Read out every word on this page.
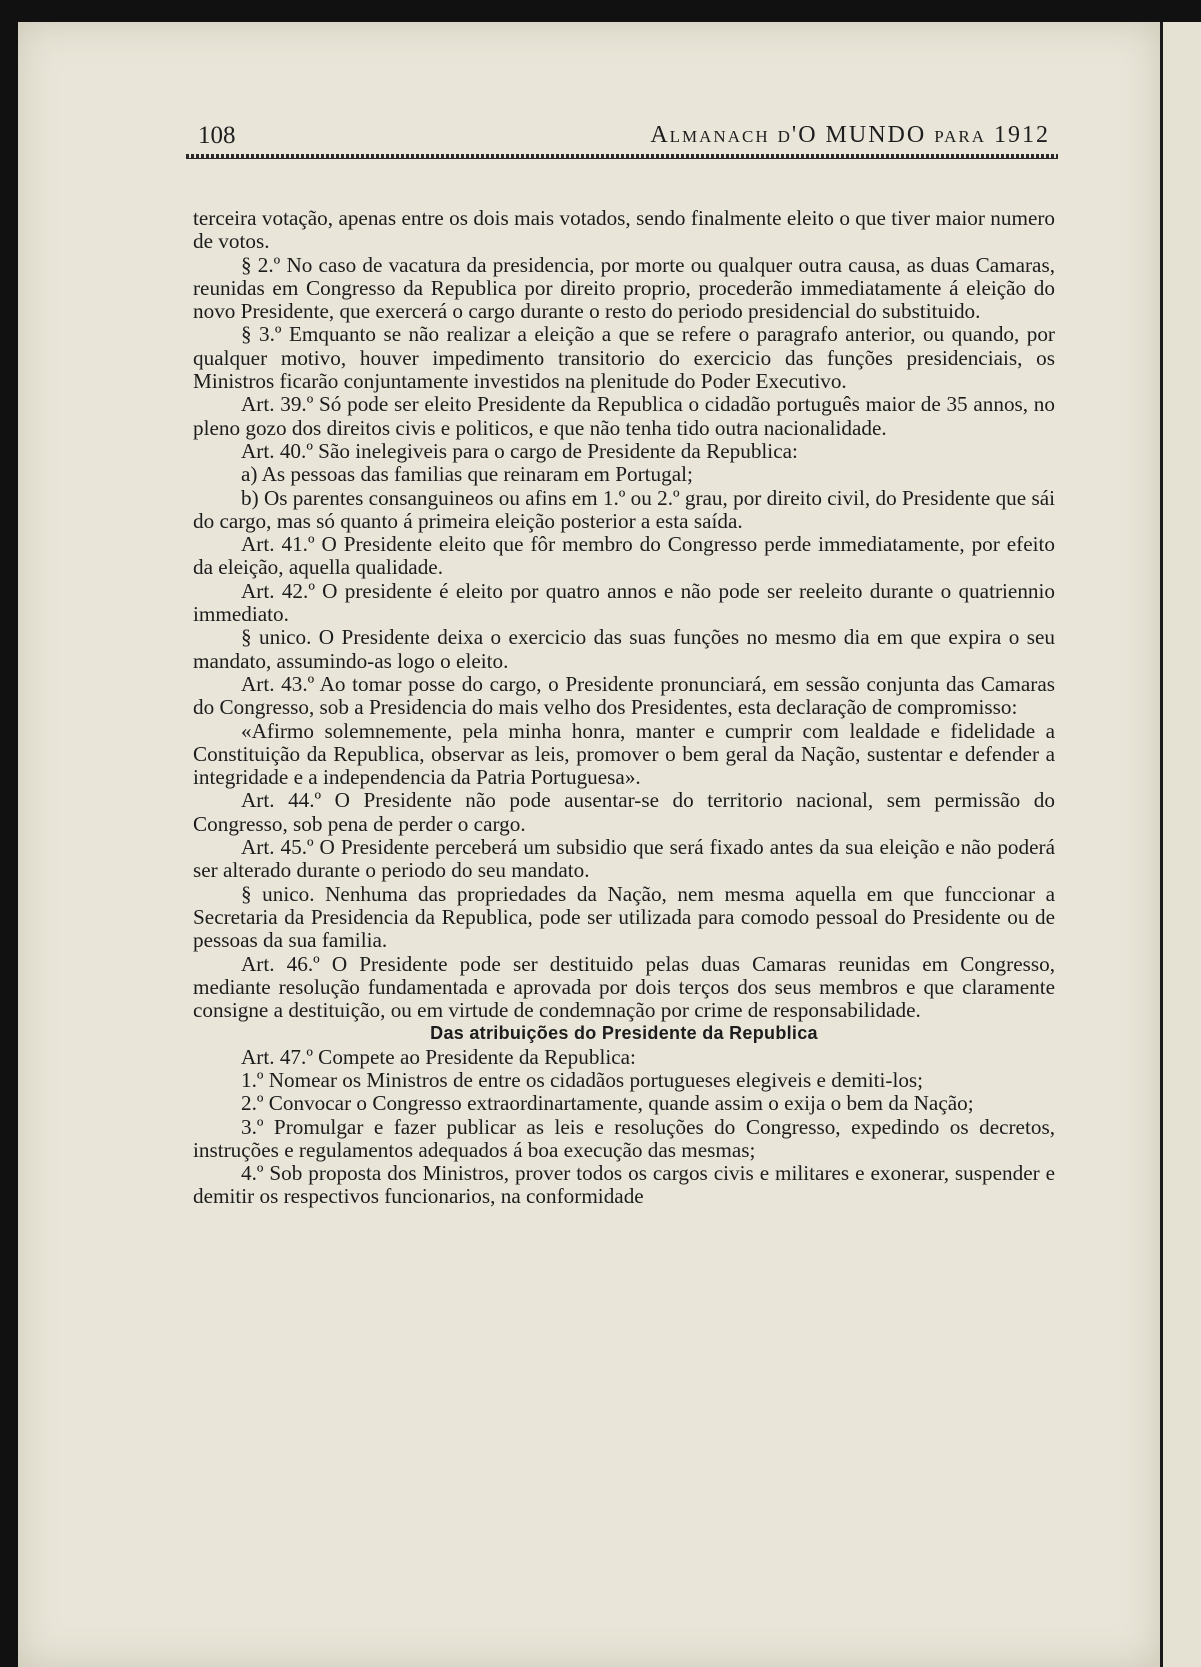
108	Almanach d'O MUNDO para 1912

terceira votação, apenas entre os dois mais votados, sendo finalmente eleito o que tiver maior numero de votos.

§ 2.º No caso de vacatura da presidencia, por morte ou qualquer outra causa, as duas Camaras, reunidas em Congresso da Republica por direito proprio, procederão immediatamente á eleição do novo Presidente, que exercerá o cargo durante o resto do periodo presidencial do substituido.

§ 3.º Emquanto se não realizar a eleição a que se refere o paragrafo anterior, ou quando, por qualquer motivo, houver impedimento transitorio do exercicio das funções presidenciais, os Ministros ficarão conjuntamente investidos na plenitude do Poder Executivo.

Art. 39.º Só pode ser eleito Presidente da Republica o cidadão português maior de 35 annos, no pleno gozo dos direitos civis e politicos, e que não tenha tido outra nacionalidade.

Art. 40.º São inelegiveis para o cargo de Presidente da Republica:

a) As pessoas das familias que reinaram em Portugal;

b) Os parentes consanguineos ou afins em 1.º ou 2.º grau, por direito civil, do Presidente que sái do cargo, mas só quanto á primeira eleição posterior a esta saída.

Art. 41.º O Presidente eleito que fôr membro do Congresso perde immediatamente, por efeito da eleição, aquella qualidade.

Art. 42.º O presidente é eleito por quatro annos e não pode ser reeleito durante o quatriennio immediato.

§ unico. O Presidente deixa o exercicio das suas funções no mesmo dia em que expira o seu mandato, assumindo-as logo o eleito.

Art. 43.º Ao tomar posse do cargo, o Presidente pronunciará, em sessão conjunta das Camaras do Congresso, sob a Presidencia do mais velho dos Presidentes, esta declaração de compromisso:

«Afirmo solemnemente, pela minha honra, manter e cumprir com lealdade e fidelidade a Constituição da Republica, observar as leis, promover o bem geral da Nação, sustentar e defender a integridade e a independencia da Patria Portuguesa».

Art. 44.º O Presidente não pode ausentar-se do territorio nacional, sem permissão do Congresso, sob pena de perder o cargo.

Art. 45.º O Presidente perceberá um subsidio que será fixado antes da sua eleição e não poderá ser alterado durante o periodo do seu mandato.

§ unico. Nenhuma das propriedades da Nação, nem mesma aquella em que funccionar a Secretaria da Presidencia da Republica, pode ser utilizada para comodo pessoal do Presidente ou de pessoas da sua familia.

Art. 46.º O Presidente pode ser destituido pelas duas Camaras reunidas em Congresso, mediante resolução fundamentada e aprovada por dois terços dos seus membros e que claramente consigne a destituição, ou em virtude de condemnação por crime de responsabilidade.

Das atribuições do Presidente da Republica

Art. 47.º Compete ao Presidente da Republica:

1.º Nomear os Ministros de entre os cidadãos portugueses elegiveis e demiti-los;

2.º Convocar o Congresso extraordinartamente, quande assim o exija o bem da Nação;

3.º Promulgar e fazer publicar as leis e resoluções do Congresso, expedindo os decretos, instruções e regulamentos adequados á boa execução das mesmas;

4.º Sob proposta dos Ministros, prover todos os cargos civis e militares e exonerar, suspender e demitir os respectivos funcionarios, na conformidade
